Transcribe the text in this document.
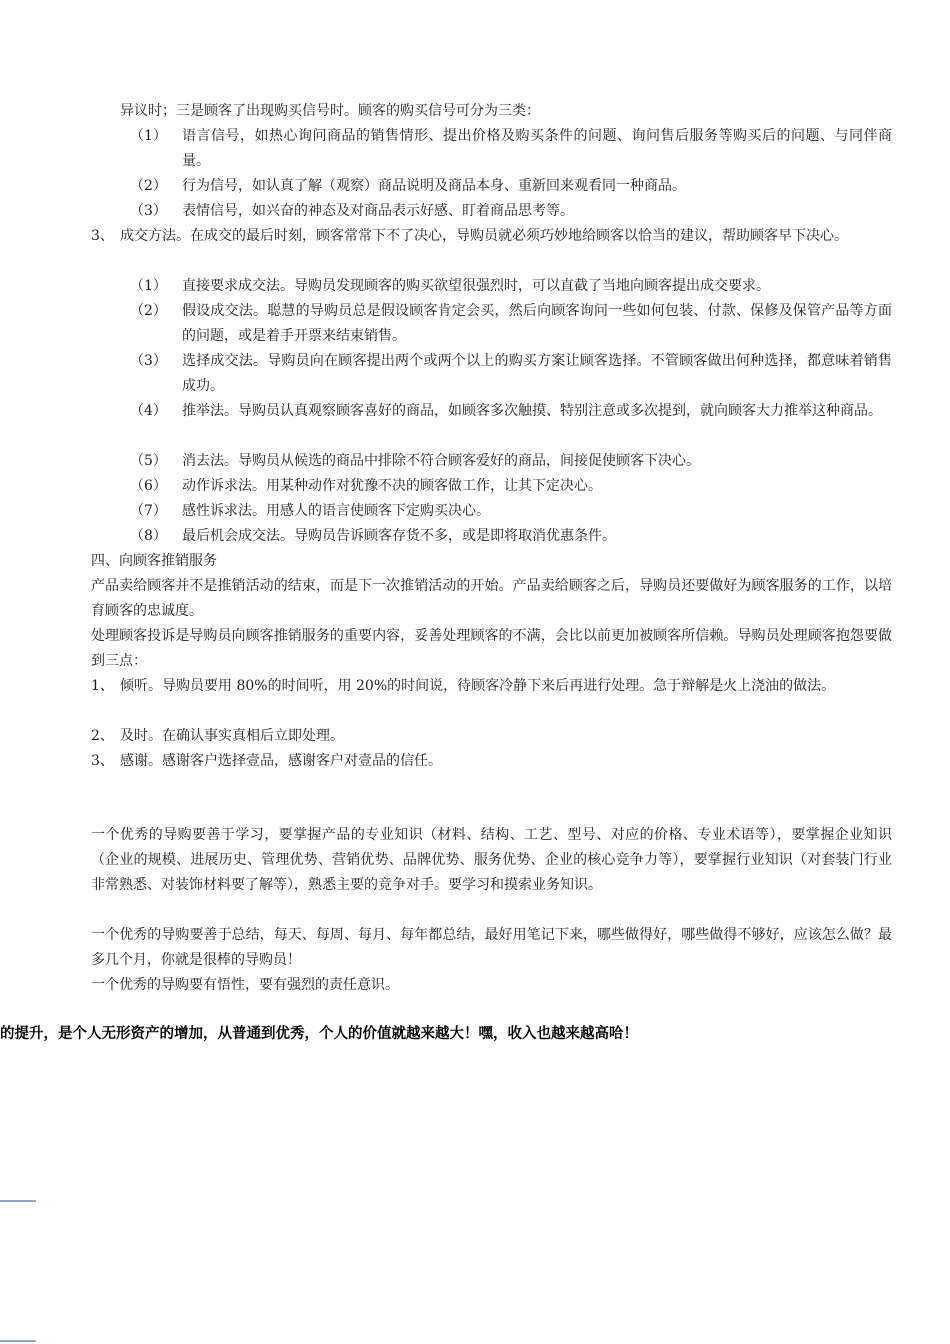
异议时；三是顾客了出现购买信号时。顾客的购买信号可分为三类：
（1） 语言信号，如热心询问商品的销售情形、提出价格及购买条件的问题、询问售后服务等购买后的问题、与同伴商量。
（2） 行为信号，如认真了解（观察）商品说明及商品本身、重新回来观看同一种商品。
（3） 表情信号，如兴奋的神态及对商品表示好感、盯着商品思考等。
3、 成交方法。在成交的最后时刻，顾客常常下不了决心，导购员就必须巧妙地给顾客以恰当的建议，帮助顾客早下决心。
（1） 直接要求成交法。导购员发现顾客的购买欲望很强烈时，可以直截了当地向顾客提出成交要求。
（2） 假设成交法。聪慧的导购员总是假设顾客肯定会买，然后向顾客询问一些如何包装、付款、保修及保管产品等方面的问题，或是着手开票来结束销售。
（3） 选择成交法。导购员向在顾客提出两个或两个以上的购买方案让顾客选择。不管顾客做出何种选择，都意味着销售成功。
（4） 推举法。导购员认真观察顾客喜好的商品，如顾客多次触摸、特别注意或多次提到，就向顾客大力推举这种商品。
（5） 消去法。导购员从候选的商品中排除不符合顾客爱好的商品，间接促使顾客下决心。
（6） 动作诉求法。用某种动作对犹豫不决的顾客做工作，让其下定决心。
（7） 感性诉求法。用感人的语言使顾客下定购买决心。
（8） 最后机会成交法。导购员告诉顾客存货不多，或是即将取消优惠条件。
四、向顾客推销服务
产品卖给顾客并不是推销活动的结束，而是下一次推销活动的开始。产品卖给顾客之后，导购员还要做好为顾客服务的工作，以培育顾客的忠诚度。
处理顾客投诉是导购员向顾客推销服务的重要内容，妥善处理顾客的不满，会比以前更加被顾客所信赖。导购员处理顾客抱怨要做到三点：
1、 倾听。导购员要用 80%的时间听，用 20%的时间说，待顾客冷静下来后再进行处理。急于辩解是火上浇油的做法。
2、 及时。在确认事实真相后立即处理。
3、 感谢。感谢客户选择壹品，感谢客户对壹品的信任。
一个优秀的导购要善于学习，要掌握产品的专业知识（材料、结构、工艺、型号、对应的价格、专业术语等），要掌握企业知识（企业的规模、进展历史、管理优势、营销优势、品牌优势、服务优势、企业的核心竞争力等），要掌握行业知识（对套装门行业非常熟悉、对装饰材料要了解等），熟悉主要的竞争对手。要学习和摸索业务知识。
一个优秀的导购要善于总结，每天、每周、每月、每年都总结，最好用笔记下来，哪些做得好，哪些做得不够好，应该怎么做？最多几个月，你就是很棒的导购员！
一个优秀的导购要有悟性，要有强烈的责任意识。
的提升，是个人无形资产的增加，从普通到优秀，个人的价值就越来越大！嘿，收入也越来越高哈！
